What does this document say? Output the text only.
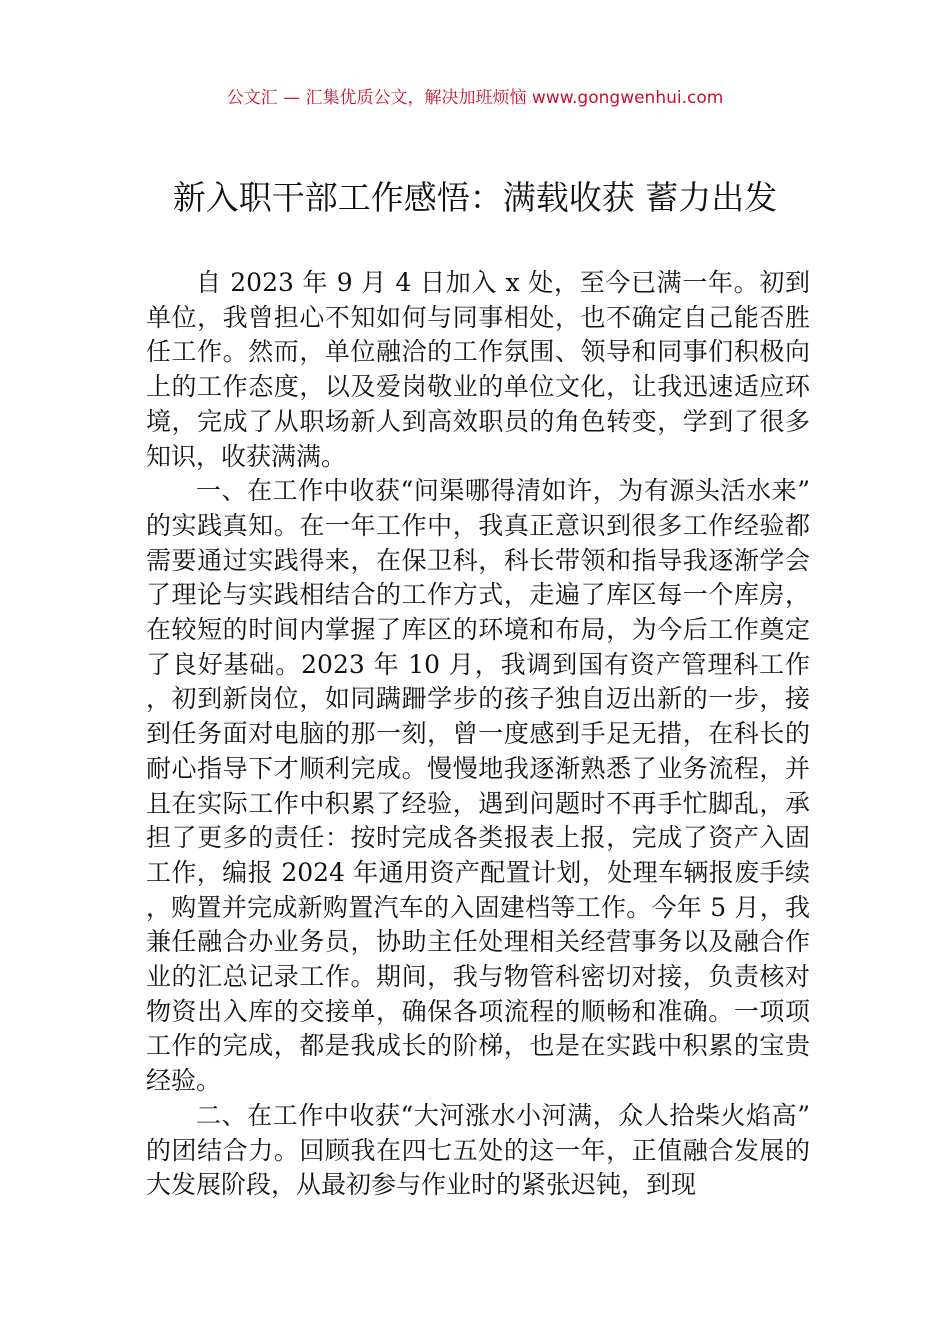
公文汇 — 汇集优质公文，解决加班烦恼 www.gongwenhui.com
新入职干部工作感悟：满载收获 蓄力出发

自 2023 年 9 月 4 日加入 x 处，至今已满一年。初到单位，我曾担心不知如何与同事相处，也不确定自己能否胜任工作。然而，单位融洽的工作氛围、领导和同事们积极向上的工作态度，以及爱岗敬业的单位文化，让我迅速适应环境，完成了从职场新人到高效职员的角色转变，学到了很多知识，收获满满。

一、在工作中收获“问渠哪得清如许，为有源头活水来”的实践真知。在一年工作中，我真正意识到很多工作经验都需要通过实践得来，在保卫科，科长带领和指导我逐渐学会了理论与实践相结合的工作方式，走遍了库区每一个库房，在较短的时间内掌握了库区的环境和布局，为今后工作奠定了良好基础。2023 年 10 月，我调到国有资产管理科工作，初到新岗位，如同蹒跚学步的孩子独自迈出新的一步，接到任务面对电脑的那一刻，曾一度感到手足无措，在科长的耐心指导下才顺利完成。慢慢地我逐渐熟悉了业务流程，并且在实际工作中积累了经验，遇到问题时不再手忙脚乱，承担了更多的责任：按时完成各类报表上报，完成了资产入固工作，编报 2024 年通用资产配置计划，处理车辆报废手续，购置并完成新购置汽车的入固建档等工作。今年 5 月，我兼任融合办业务员，协助主任处理相关经营事务以及融合作业的汇总记录工作。期间，我与物管科密切对接，负责核对物资出入库的交接单，确保各项流程的顺畅和准确。一项项工作的完成，都是我成长的阶梯，也是在实践中积累的宝贵经验。

二、在工作中收获“大河涨水小河满，众人拾柴火焰高”的团结合力。回顾我在四七五处的这一年，正值融合发展的大发展阶段，从最初参与作业时的紧张迟钝，到现
